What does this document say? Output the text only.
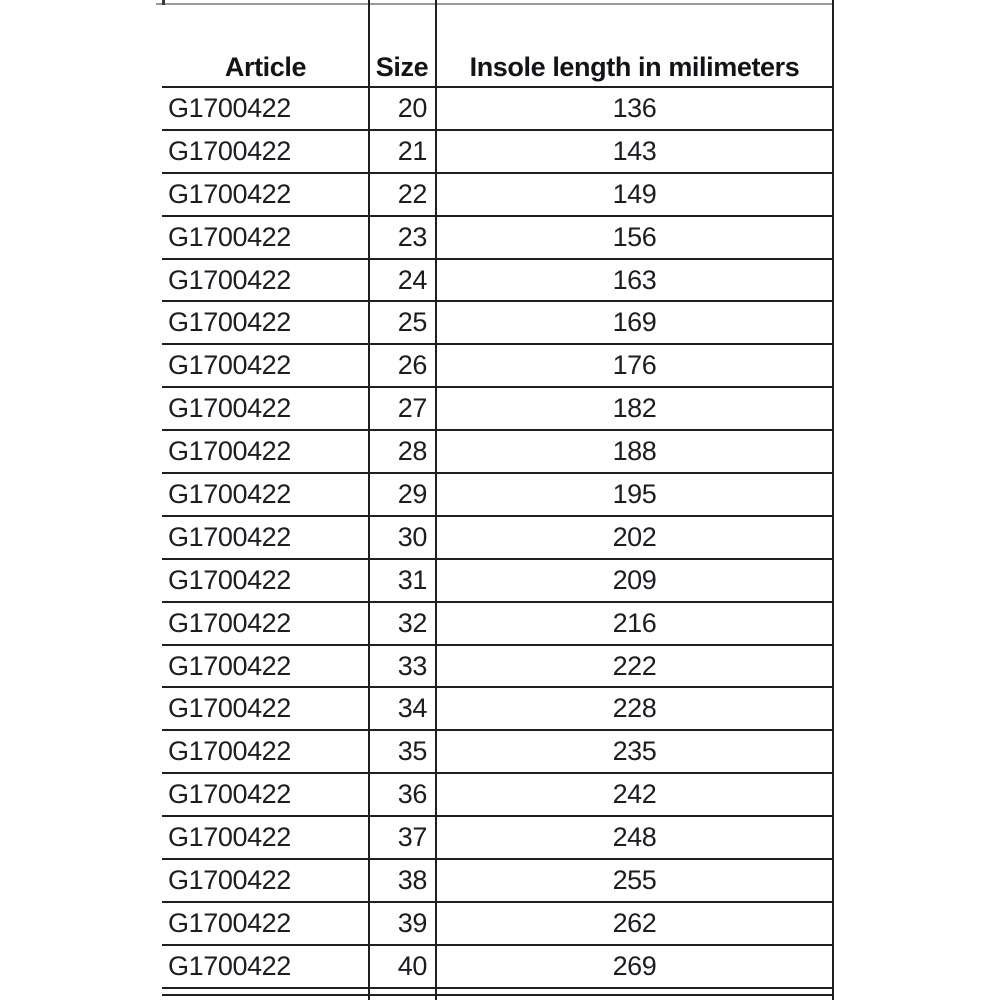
Article	Size	Insole length in milimeters
G1700422	20	136
G1700422	21	143
G1700422	22	149
G1700422	23	156
G1700422	24	163
G1700422	25	169
G1700422	26	176
G1700422	27	182
G1700422	28	188
G1700422	29	195
G1700422	30	202
G1700422	31	209
G1700422	32	216
G1700422	33	222
G1700422	34	228
G1700422	35	235
G1700422	36	242
G1700422	37	248
G1700422	38	255
G1700422	39	262
G1700422	40	269
